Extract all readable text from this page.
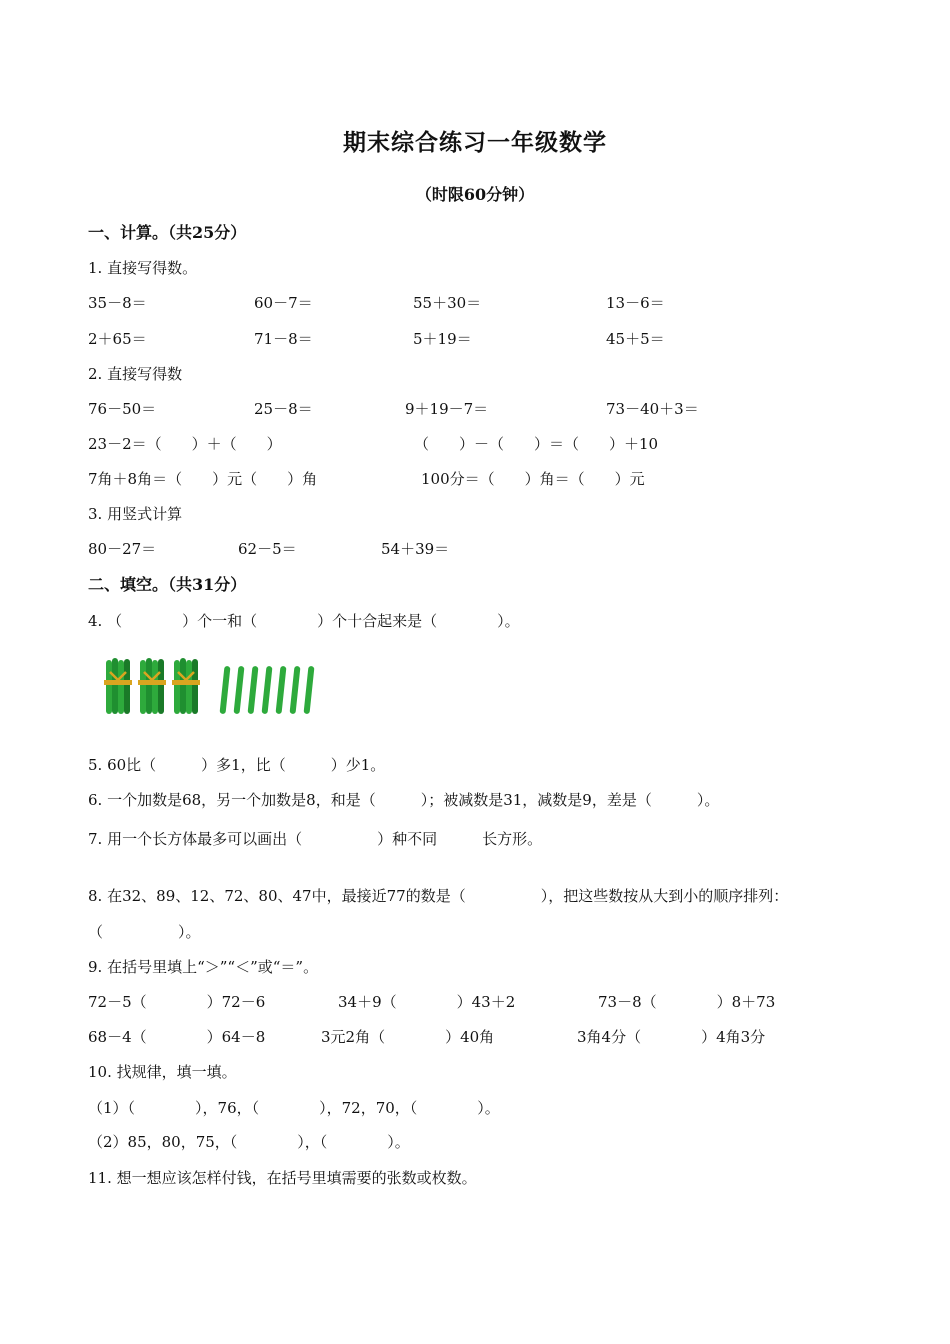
期末综合练习一年级数学
（时限60分钟）
一、计算。（共25分）
1. 直接写得数。
35－8＝	60－7＝	55＋30＝	13－6＝
2＋65＝	71－8＝	5＋19＝	45＋5＝
2. 直接写得数
76－50＝	25－8＝	9＋19－7＝	73－40＋3＝
23－2＝（　　）＋（　　）	（　　）－（　　）＝（　　）＋10
7角＋8角＝（　　）元（　　）角	100分＝（　　）角＝（　　）元
3. 用竖式计算
80－27＝	62－5＝	54＋39＝
二、填空。（共31分）
4. （　　　　）个一和（　　　　）个十合起来是（　　　　）。
5. 60比（　　　）多1，比（　　　）少1。
6. 一个加数是68，另一个加数是8，和是（　　　）；被减数是31，减数是9，差是（　　　）。
7. 用一个长方体最多可以画出（　　　　　）种不同　　　长方形。
8. 在32、89、12、72、80、47中，最接近77的数是（　　　　　），把这些数按从大到小的顺序排列：
（　　　　　）。
9. 在括号里填上“＞”“＜”或“＝”。
72－5（　　　　）72－6	34＋9（　　　　）43＋2	73－8（　　　　）8＋73
68－4（　　　　）64－8	3元2角（　　　　）40角	3角4分（　　　　）4角3分
10. 找规律，填一填。
（1）（　　　　），76，（　　　　），72，70，（　　　　）。
（2）85，80，75，（　　　　），（　　　　）。
11. 想一想应该怎样付钱，在括号里填需要的张数或枚数。
